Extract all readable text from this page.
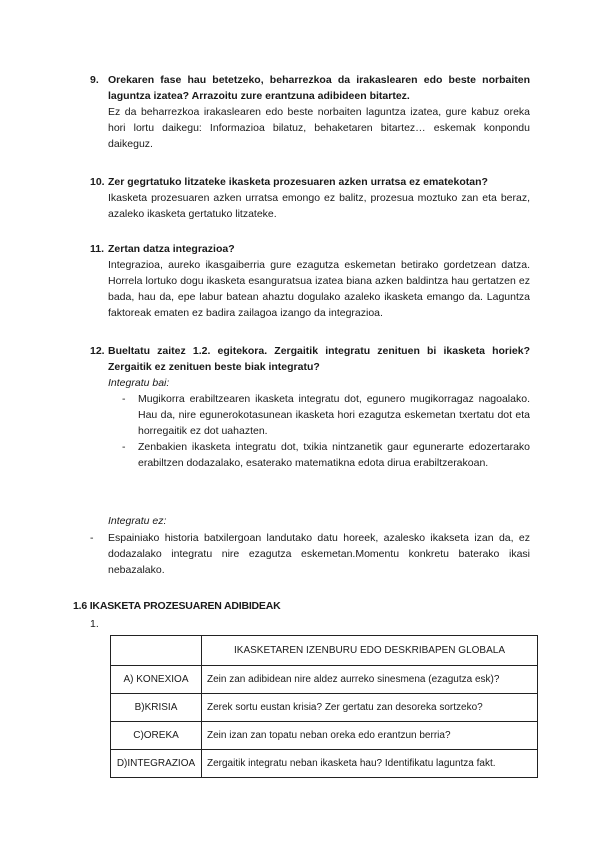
9. Orekaren fase hau betetzeko, beharrezkoa da irakaslearen edo beste norbaiten laguntza izatea? Arrazoitu zure erantzuna adibideen bitartez.
Ez da beharrezkoa irakaslearen edo beste norbaiten laguntza izatea, gure kabuz oreka hori lortu daikegu: Informazioa bilatuz, behaketaren bitartez… eskemak konpondu daikeguz.
10. Zer gegrtatuko litzateke ikasketa prozesuaren azken urratsa ez ematekotan?
Ikasketa prozesuaren azken urratsa emongo ez balitz, prozesua moztuko zan eta beraz, azaleko ikasketa gertatuko litzateke.
11. Zertan datza integrazioa?
Integrazioa, aureko ikasgaiberria gure ezagutza eskemetan betirako gordetzean datza. Horrela lortuko dogu ikasketa esanguratsua izatea biana azken baldintza hau gertatzen ez bada, hau da, epe labur batean ahaztu dogulako azaleko ikasketa emango da. Laguntza faktoreak ematen ez badira zailagoa izango da integrazioa.
12. Bueltatu zaitez 1.2. egitekora. Zergaitik integratu zenituen bi ikasketa horiek? Zergaitik ez zenituen beste biak integratu?
Integratu bai:
- Mugikorra erabiltzearen ikasketa integratu dot, egunero mugikorragaz nagoalako. Hau da, nire egunerokotasunean ikasketa hori ezagutza eskemetan txertatu dot eta horregaitik ez dot uahazten.
- Zenbakien ikasketa integratu dot, txikia nintzanetik gaur egunerarte edozertarako erabiltzen dodazalako, esaterako matematikna edota dirua erabiltzerakoan.
Integratu ez:
- Espainiako historia batxilergoan landutako datu horeek, azalesko ikakseta izan da, ez dodazalako integratu nire ezagutza eskemetan.Momentu konkretu baterako ikasi nebazalako.
1.6 IKASKETA PROZESUAREN ADIBIDEAK
1.
	IKASKETAREN IZENBURU EDO DESKRIBAPEN GLOBALA
A) KONEXIOA	Zein zan adibidean nire aldez aurreko sinesmena (ezagutza esk)?
B)KRISIA	Zerek sortu eustan krisia? Zer gertatu zan desoreka sortzeko?
C)OREKA	Zein izan zan topatu neban oreka edo erantzun berria?
D)INTEGRAZIOA	Zergaitik integratu neban ikasketa hau? Identifikatu laguntza fakt.
